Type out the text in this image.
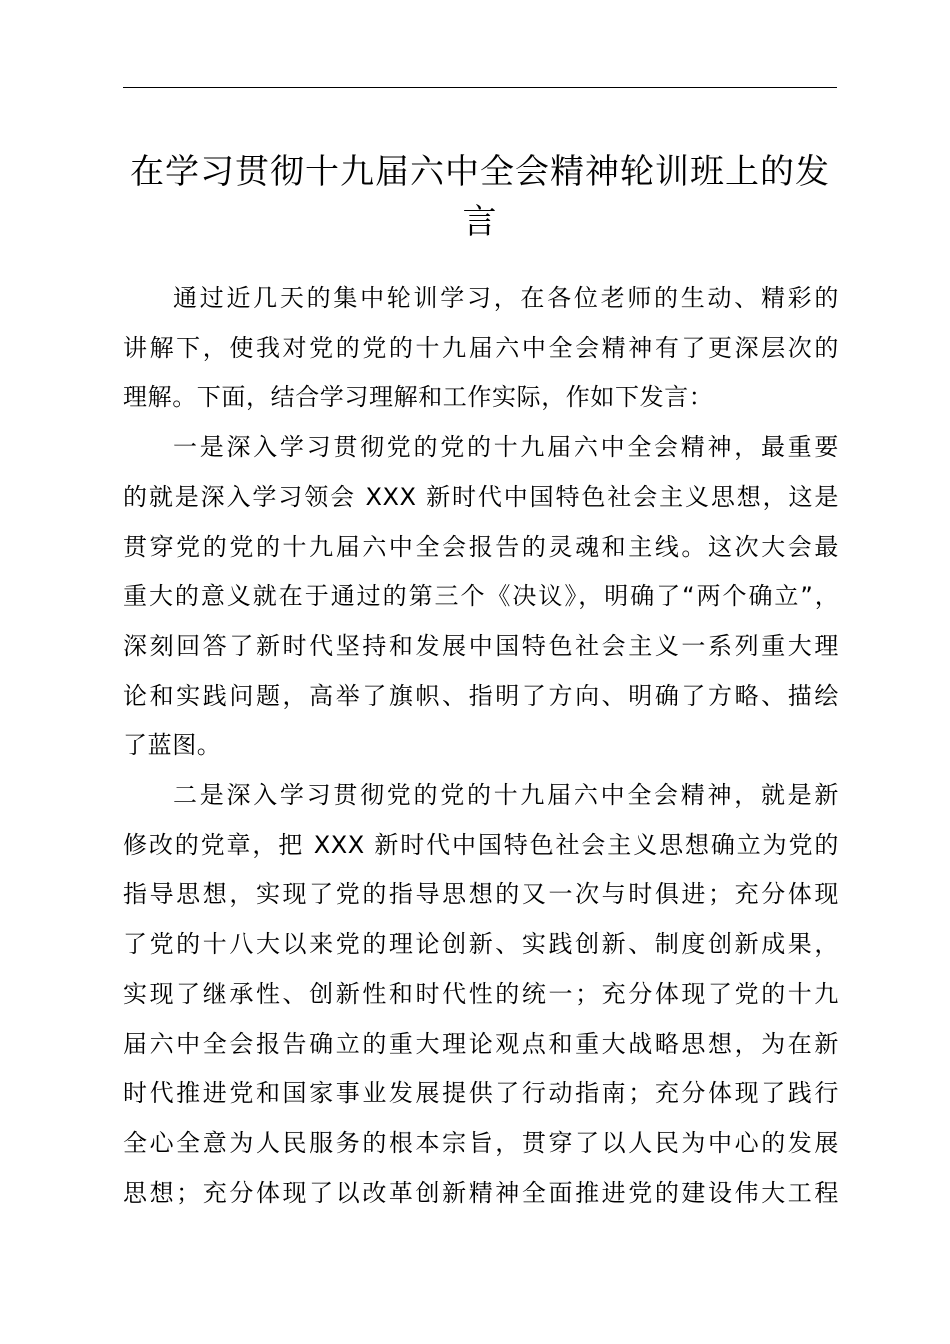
在学习贯彻十九届六中全会精神轮训班上的发
言

通过近几天的集中轮训学习，在各位老师的生动、精彩的
讲解下，使我对党的党的十九届六中全会精神有了更深层次的
理解。下面，结合学习理解和工作实际，作如下发言：

一是深入学习贯彻党的党的十九届六中全会精神，最重要
的就是深入学习领会 XXX 新时代中国特色社会主义思想，这是
贯穿党的党的十九届六中全会报告的灵魂和主线。这次大会最
重大的意义就在于通过的第三个《决议》，明确了“两个确立”，
深刻回答了新时代坚持和发展中国特色社会主义一系列重大理
论和实践问题，高举了旗帜、指明了方向、明确了方略、描绘
了蓝图。

二是深入学习贯彻党的党的十九届六中全会精神，就是新
修改的党章，把 XXX 新时代中国特色社会主义思想确立为党的
指导思想，实现了党的指导思想的又一次与时俱进；充分体现
了党的十八大以来党的理论创新、实践创新、制度创新成果，
实现了继承性、创新性和时代性的统一；充分体现了党的十九
届六中全会报告确立的重大理论观点和重大战略思想，为在新
时代推进党和国家事业发展提供了行动指南；充分体现了践行
全心全意为人民服务的根本宗旨，贯穿了以人民为中心的发展
思想；充分体现了以改革创新精神全面推进党的建设伟大工程
